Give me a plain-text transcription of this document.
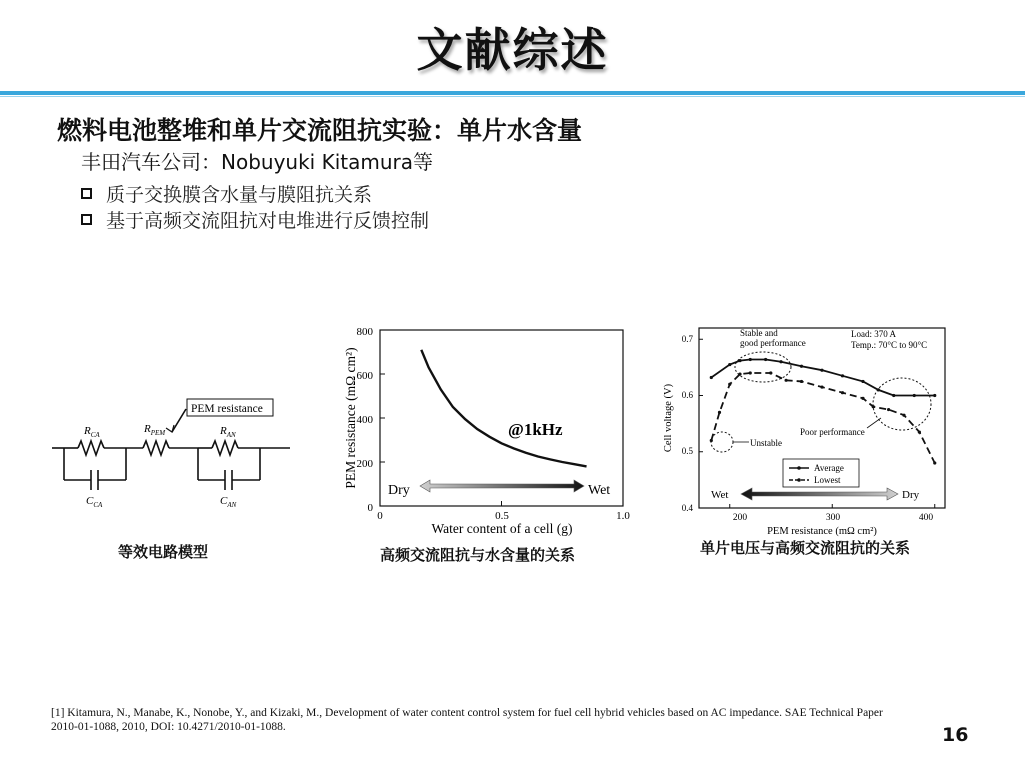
文献综述
燃料电池整堆和单片交流阻抗实验：单片水含量
丰田汽车公司：Nobuyuki Kitamura等
质子交换膜含水量与膜阻抗关系
基于高频交流阻抗对电堆进行反馈控制
PEM resistance
$R_{CA}$	$R_{PEM}$	$R_{AN}$
$C_{CA}$	$C_{AN}$
等效电路模型
0
200
400
600
800
0	0.5	1.0
Water content of a cell (g)
PEM resistance (mΩ cm²)
Dry	Wet
@1kHz
高频交流阻抗与水含量的关系
0.4
0.5
0.6
0.7
200	300	400
PEM resistance (mΩ cm²)
Cell voltage (V)
Stable and
good performance
Load: 370 A
Temp.: 70°C to 90°C
Poor performance
Unstable
Average
Lowest
Wet	Dry
单片电压与高频交流阻抗的关系
[1] Kitamura, N., Manabe, K., Nonobe, Y., and Kizaki, M., Development of water content control system for fuel cell hybrid vehicles based on AC impedance. SAE Technical Paper 2010-01-1088, 2010, DOI: 10.4271/2010-01-1088.	16
